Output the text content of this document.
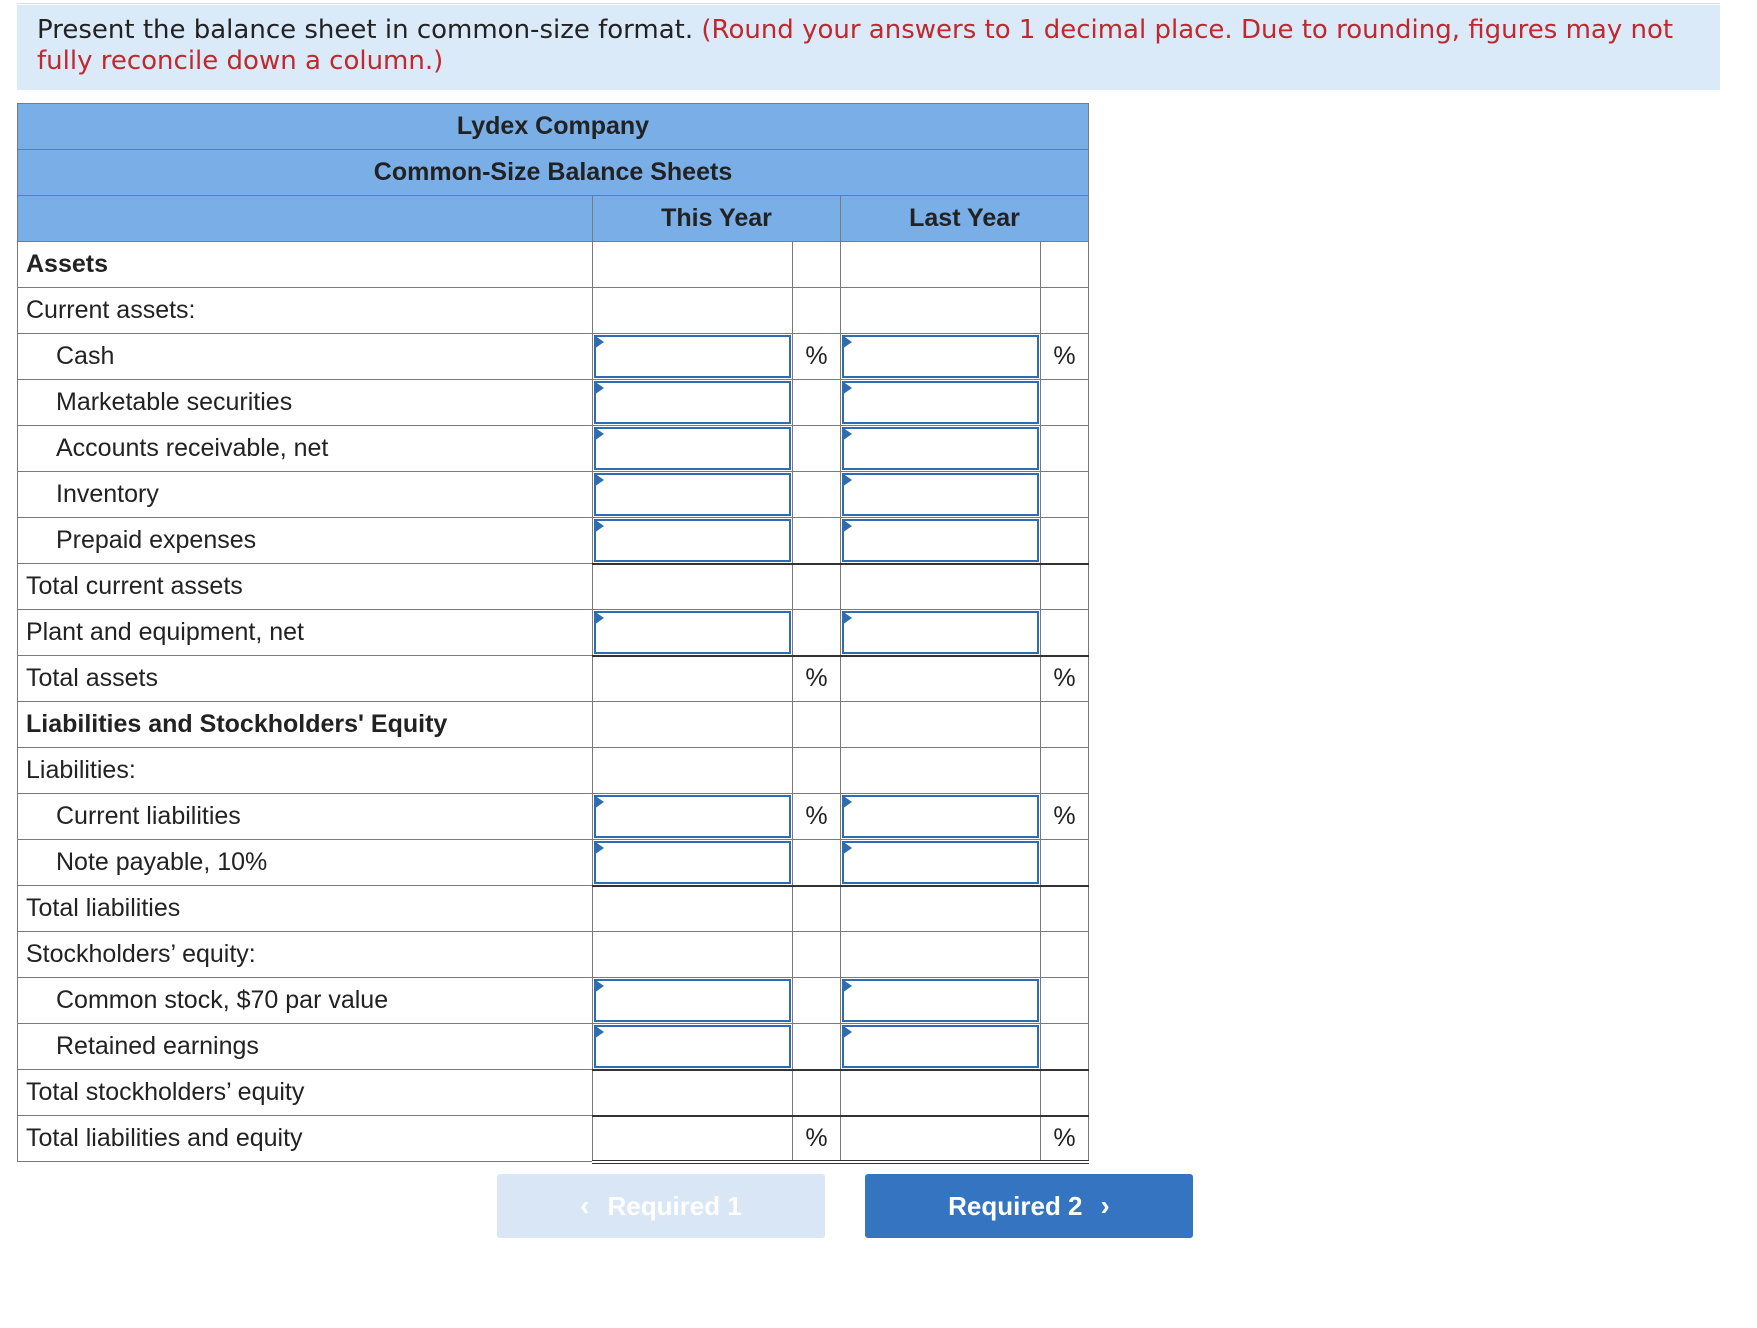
Present the balance sheet in common-size format. (Round your answers to 1 decimal place. Due to rounding, figures may not fully reconcile down a column.)
Lydex Company				
Common-Size Balance Sheets				
	This Year		Last Year	
Assets				
Current assets:				
Cash		%		%
Marketable securities	

Accounts receivable, net	

Inventory	

Prepaid expenses	

Total current assets				
Plant and equipment, net	

Total assets		%		%
Liabilities and Stockholders' Equity				
Liabilities:				
Current liabilities		%		%
Note payable, 10%	

Total liabilities				
Stockholders’ equity:				
Common stock, $70 par value	

Retained earnings	

Total stockholders’ equity				
Total liabilities and equity		%		%
‹ Required 1	Required 2 ›
